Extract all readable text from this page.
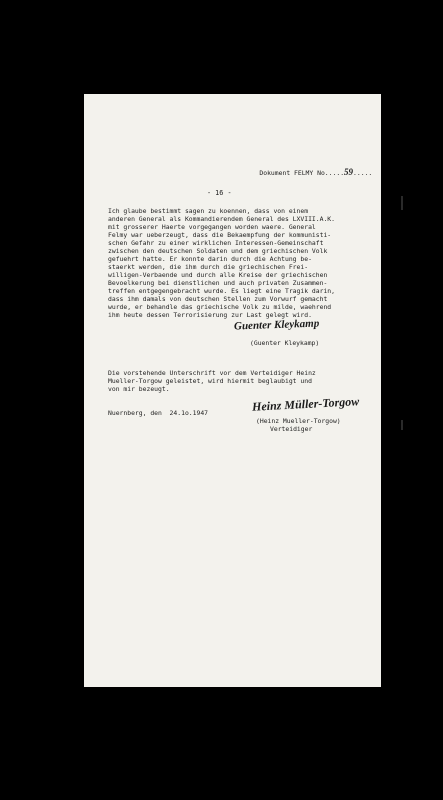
Dokument FELMY No.....59.....

- 16 -
Ich glaube bestimmt sagen zu koennen, dass von einem
anderen General als Kommandierendem General des LXVIII.A.K.
mit grosserer Haerte vorgegangen worden waere. General
Felmy war ueberzeugt, dass die Bekaempfung der kommunisti-
schen Gefahr zu einer wirklichen Interessen-Gemeinschaft
zwischen den deutschen Soldaten und dem griechischen Volk
gefuehrt hatte. Er konnte darin durch die Achtung be-
staerkt werden, die ihm durch die griechischen Frei-
willigen-Verbaende und durch alle Kreise der griechischen
Bevoelkerung bei dienstlichen und auch privaten Zusammen-
treffen entgegengebracht wurde. Es liegt eine Tragik darin,
dass ihm damals von deutschen Stellen zum Vorwurf gemacht
wurde, er behandle das griechische Volk zu milde, waehrend
ihm heute dessen Terrorisierung zur Last gelegt wird.
Guenter Kleykamp
(Guenter Kleykamp)
Die vorstehende Unterschrift vor dem Verteidiger Heinz
Mueller-Torgow geleistet, wird hiermit beglaubigt und
von mir bezeugt.
Nuernberg, den  24.1o.1947	Heinz Müller-Torgow
(Heinz Mueller-Torgow)
Verteidiger
